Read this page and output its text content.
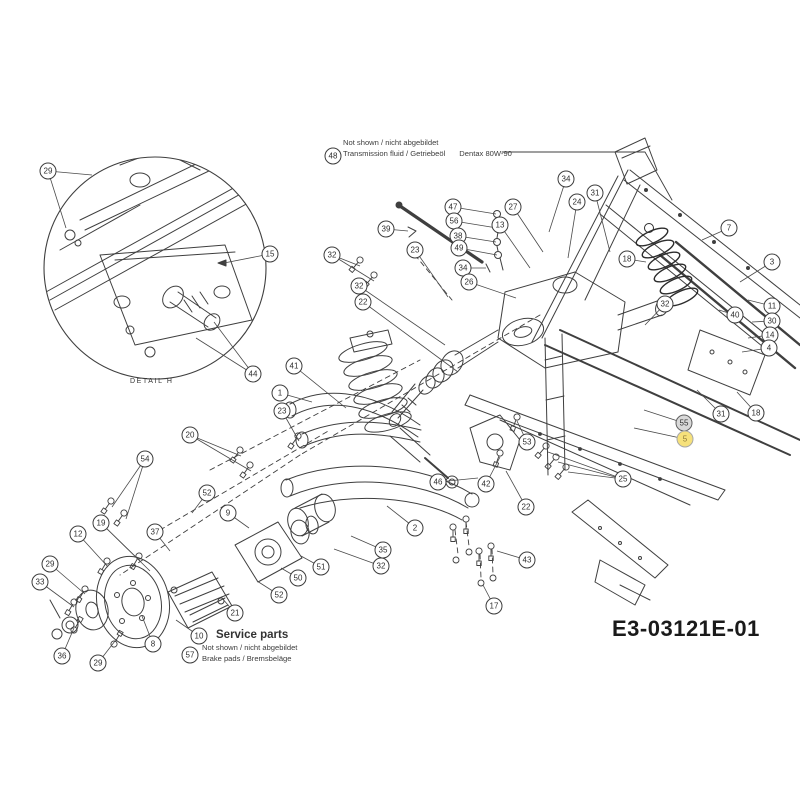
Not shown / nicht abgebildet
Transmission fluid / Getriebeöl Dentax 80W-90
Service parts
Not shown / nicht abgebildet
Brake pads / Bremsbeläge
DETAIL H
E3-03121E-01
29
15
44
48
39
47
56
38
49
34
26
23
32
27
13
34
31
24
7
3
18
32	11
40
30
14
4
31	18
55
5
25
32
22
41
1
23
20
54
52
9
37
19
12
29
33
36
29
8
10
21
52
57
53
46	42
22
2
35
32
51
50
43
17
